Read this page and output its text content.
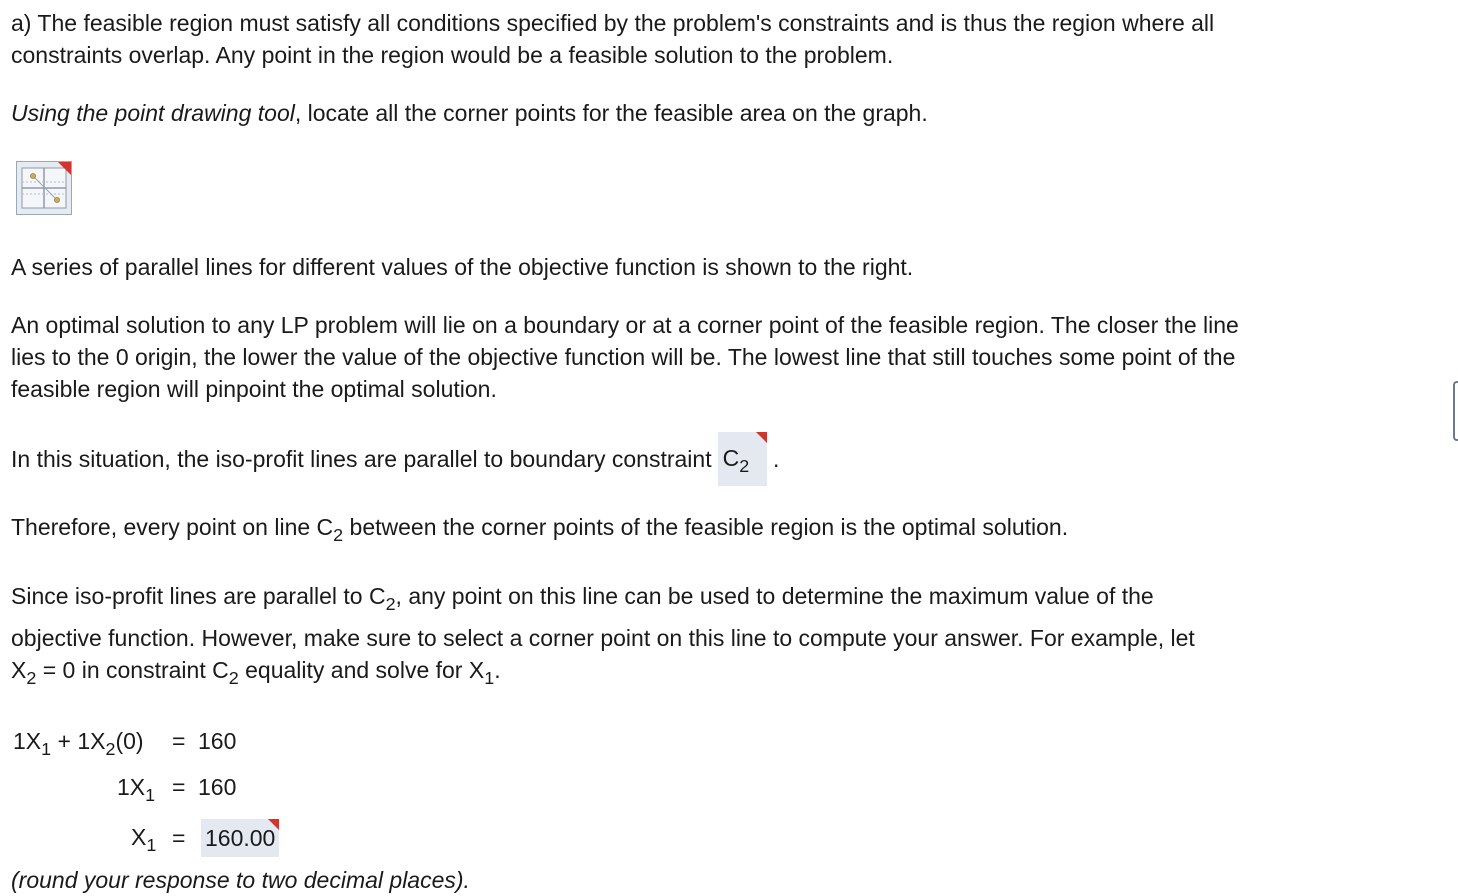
a) The feasible region must satisfy all conditions specified by the problem's constraints and is thus the region where all

constraints overlap. Any point in the region would be a feasible solution to the problem.

Using the point drawing tool, locate all the corner points for the feasible area on the graph.

A series of parallel lines for different values of the objective function is shown to the right.

An optimal solution to any LP problem will lie on a boundary or at a corner point of the feasible region. The closer the line

lies to the 0 origin, the lower the value of the objective function will be. The lowest line that still touches some point of the

feasible region will pinpoint the optimal solution.

In this situation, the iso-profit lines are parallel to boundary constraint $C_2$ .

Therefore, every point on line $C_2$ between the corner points of the feasible region is the optimal solution.

Since iso-profit lines are parallel to $C_2$, any point on this line can be used to determine the maximum value of the

objective function. However, make sure to select a corner point on this line to compute your answer. For example, let

$X_2 = 0$ in constraint $C_2$ equality and solve for $X_1$.

$1X_1 + 1X_2(0) = 160$
$1X_1 = 160$
$X_1 = 160.00$

(round your response to two decimal places).
